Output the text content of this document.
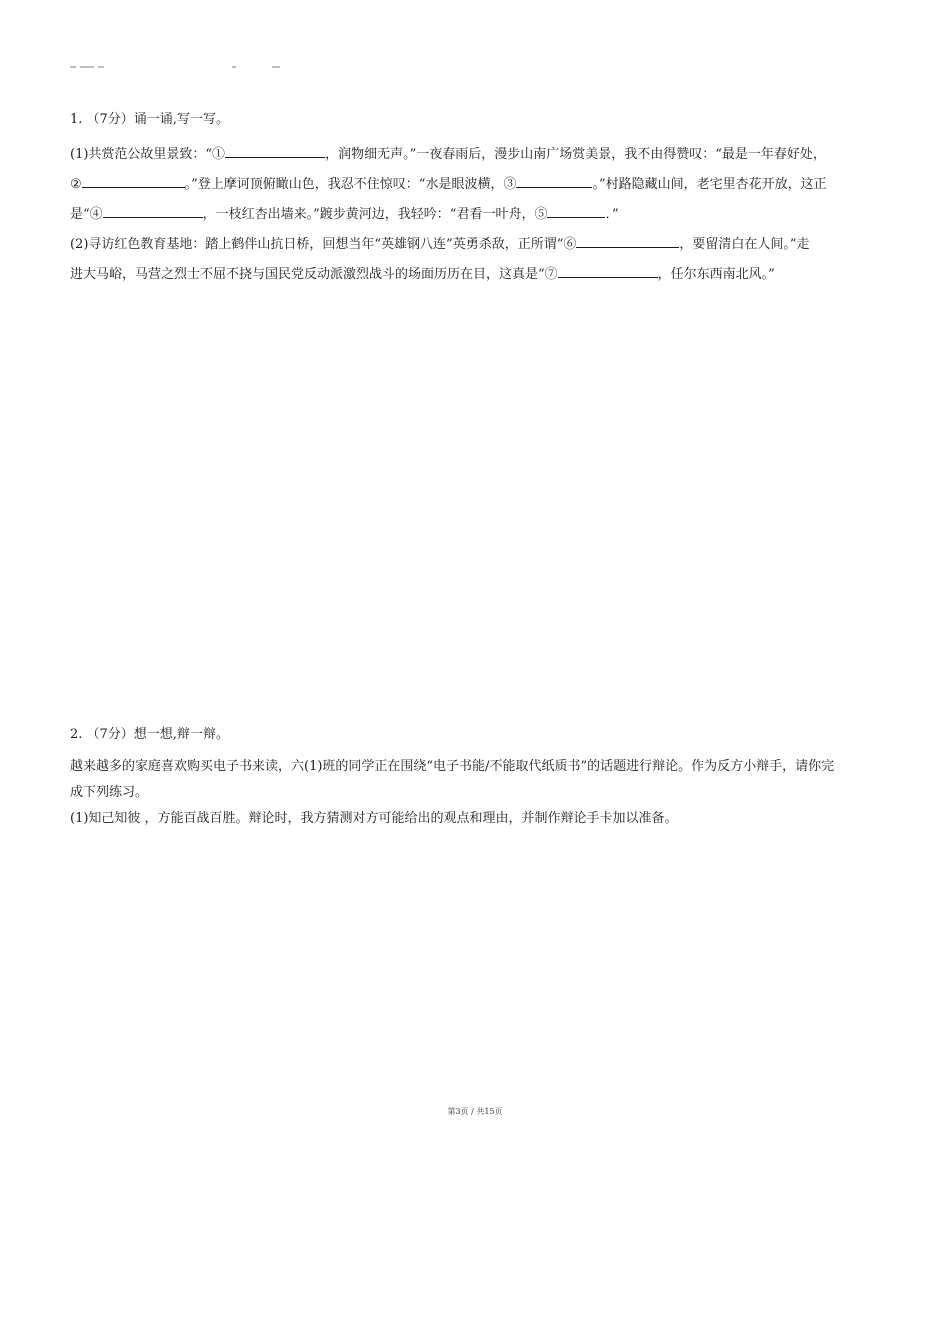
1. （7分）诵一诵,写一写。
(1)共赏范公故里景致：“①	，润物细无声。”一夜春雨后，漫步山南广场赏美景，我不由得赞叹：“最是一年春好处，
②	。”登上摩诃顶俯瞰山色，我忍不住惊叹：“水是眼波横，③	。”村路隐藏山间，老宅里杏花开放，这正
是“④	，一枝红杏出墙来。”踱步黄河边，我轻吟：“君看一叶舟，⑤	．”
(2)寻访红色教育基地：踏上鹤伴山抗日桥，回想当年“英雄钢八连”英勇杀敌，正所谓“⑥	，要留清白在人间。”走
进大马峪，马营之烈士不屈不挠与国民党反动派激烈战斗的场面历历在目，这真是“⑦	，任尔东西南北风。”
2. （7分）想一想,辩一辩。
越来越多的家庭喜欢购买电子书来读，六(1)班的同学正在围绕“电子书能/不能取代纸质书”的话题进行辩论。作为反方小辩手，请你完
成下列练习。
(1)知己知彼 ，方能百战百胜。辩论时，我方猜测对方可能给出的观点和理由，并制作辩论手卡加以准备。
第3页 / 共15页
